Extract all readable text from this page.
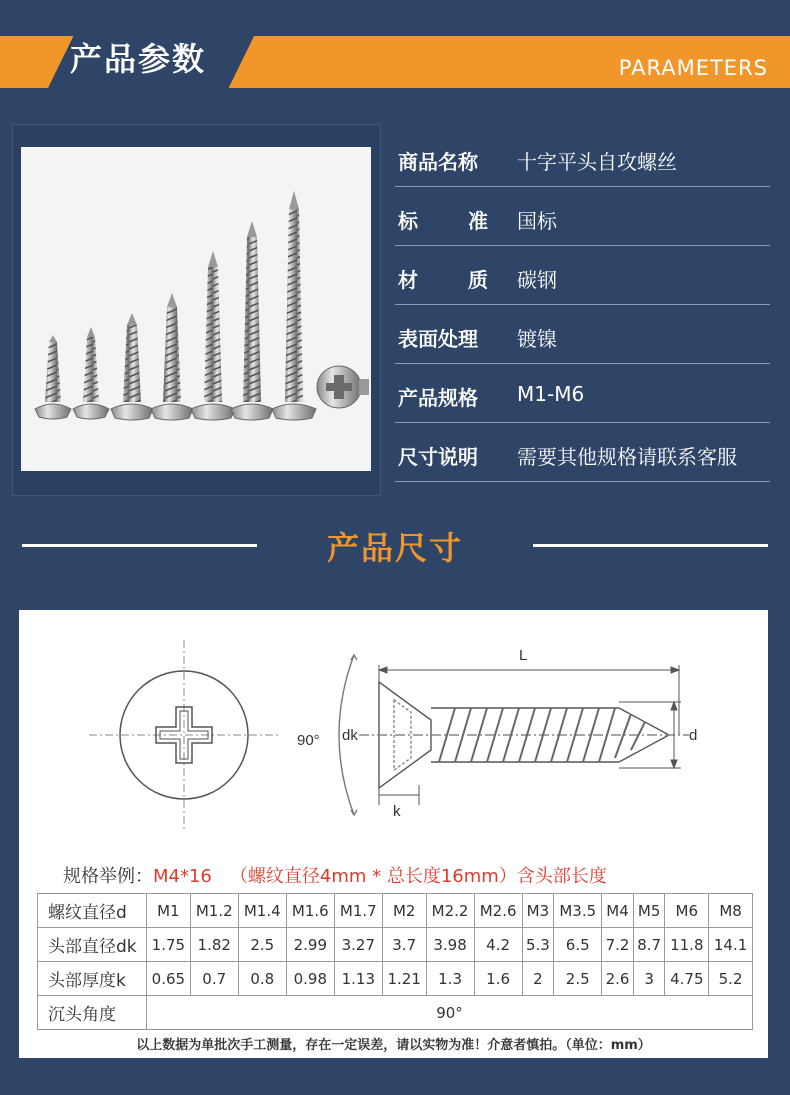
产品参数	PARAMETERS
商品名称	十字平头自攻螺丝
标	准 国标
材	质 碳钢
表面处理	镀镍
产品规格	M1-M6
尺寸说明	需要其他规格请联系客服
产品尺寸
90°
L
dk	d
k
规格举例：M4*16 （螺纹直径4mm * 总长度16mm）含头部长度
螺纹直径d	M1	M1.2	M1.4	M1.6	M1.7	M2	M2.2	M2.6	M3	M3.5	M4	M5	M6	M8
头部直径dk	1.75	1.82	2.5	2.99	3.27	3.7	3.98	4.2	5.3	6.5	7.2	8.7	11.8	14.1
头部厚度k	0.65	0.7	0.8	0.98	1.13	1.21	1.3	1.6	2	2.5	2.6	3	4.75	5.2
沉头角度	90°													
以上数据为单批次手工测量，存在一定误差，请以实物为准！介意者慎拍。（单位：mm）
